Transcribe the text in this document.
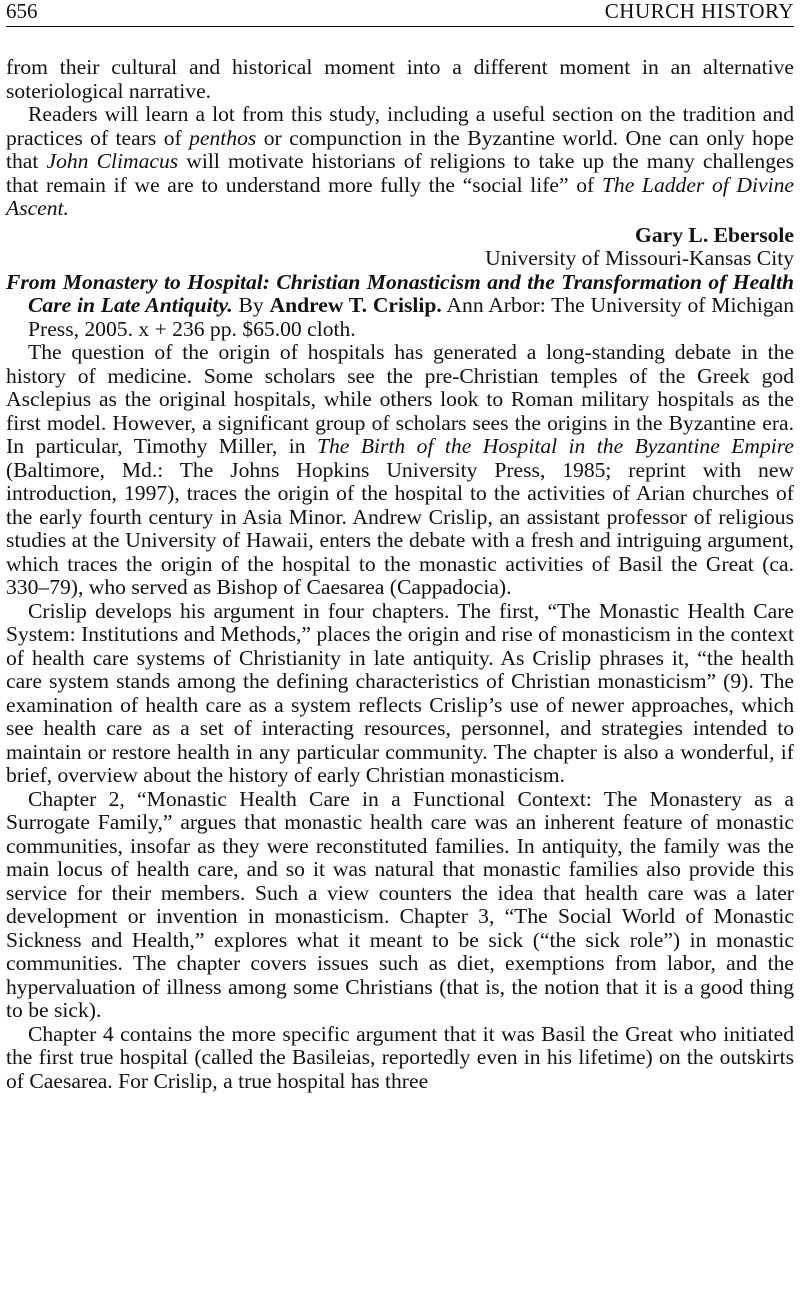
656	CHURCH HISTORY

from their cultural and historical moment into a different moment in an alternative soteriological narrative.

Readers will learn a lot from this study, including a useful section on the tradition and practices of tears of penthos or compunction in the Byzantine world. One can only hope that John Climacus will motivate historians of religions to take up the many challenges that remain if we are to understand more fully the “social life” of The Ladder of Divine Ascent.

Gary L. Ebersole
University of Missouri-Kansas City

From Monastery to Hospital: Christian Monasticism and the Transformation of Health Care in Late Antiquity. By Andrew T. Crislip. Ann Arbor: The University of Michigan Press, 2005. x + 236 pp. $65.00 cloth.

The question of the origin of hospitals has generated a long-standing debate in the history of medicine. Some scholars see the pre-Christian temples of the Greek god Asclepius as the original hospitals, while others look to Roman military hospitals as the first model. However, a significant group of scholars sees the origins in the Byzantine era. In particular, Timothy Miller, in The Birth of the Hospital in the Byzantine Empire (Baltimore, Md.: The Johns Hopkins University Press, 1985; reprint with new introduction, 1997), traces the origin of the hospital to the activities of Arian churches of the early fourth century in Asia Minor. Andrew Crislip, an assistant professor of religious studies at the University of Hawaii, enters the debate with a fresh and intriguing argument, which traces the origin of the hospital to the monastic activities of Basil the Great (ca. 330–79), who served as Bishop of Caesarea (Cappadocia).

Crislip develops his argument in four chapters. The first, “The Monastic Health Care System: Institutions and Methods,” places the origin and rise of monasticism in the context of health care systems of Christianity in late antiquity. As Crislip phrases it, “the health care system stands among the defining characteristics of Christian monasticism” (9). The examination of health care as a system reflects Crislip’s use of newer approaches, which see health care as a set of interacting resources, personnel, and strategies intended to maintain or restore health in any particular community. The chapter is also a wonderful, if brief, overview about the history of early Christian monasticism.

Chapter 2, “Monastic Health Care in a Functional Context: The Monastery as a Surrogate Family,” argues that monastic health care was an inherent feature of monastic communities, insofar as they were reconstituted families. In antiquity, the family was the main locus of health care, and so it was natural that monastic families also provide this service for their members. Such a view counters the idea that health care was a later development or invention in monasticism. Chapter 3, “The Social World of Monastic Sickness and Health,” explores what it meant to be sick (“the sick role”) in monastic communities. The chapter covers issues such as diet, exemptions from labor, and the hypervaluation of illness among some Christians (that is, the notion that it is a good thing to be sick).

Chapter 4 contains the more specific argument that it was Basil the Great who initiated the first true hospital (called the Basileias, reportedly even in his lifetime) on the outskirts of Caesarea. For Crislip, a true hospital has three
